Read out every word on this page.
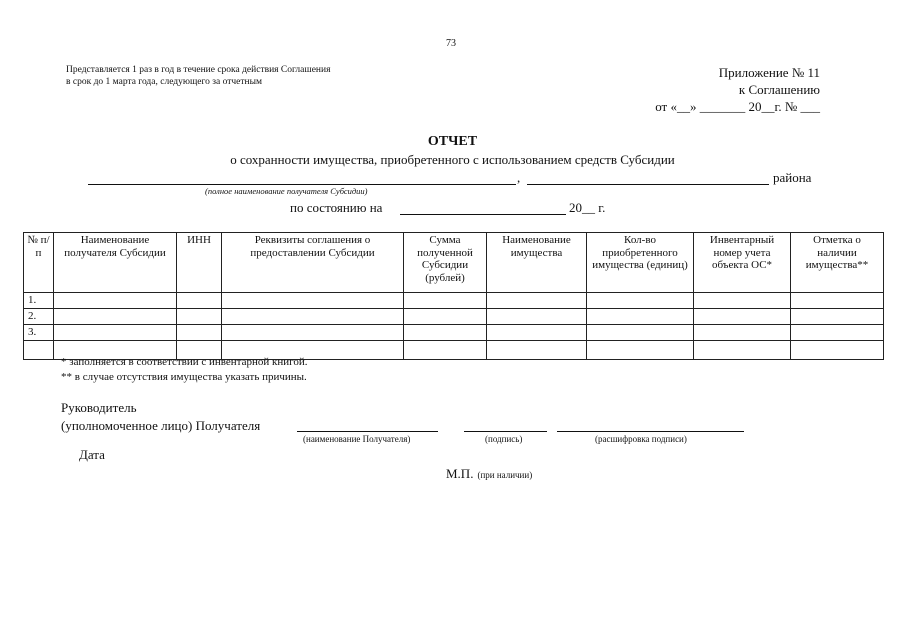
73
Представляется 1 раз в год в течение срока действия Соглашения
в срок до 1 марта года, следующего за отчетным
Приложение № 11
к Соглашению
от «__» _______ 20__г. № ___
ОТЧЕТ
о сохранности имущества, приобретенного с использованием средств Субсидии
,	района
(полное наименование получателя Субсидии)
по состоянию на	20__ г.
№ п/п	Наименование получателя Субсидии	ИНН	Реквизиты соглашения о предоставлении Субсидии	Сумма полученной Субсидии (рублей)	Наименование имущества	Кол-во приобретенного имущества (единиц)	Инвентарный номер учета объекта ОС*	Отметка о наличии имущества**
1.								
2.								
3.								

* заполняется в соответствии с инвентарной книгой.
** в случае отсутствия имущества указать причины.
Руководитель
(уполномоченное лицо) Получателя
(наименование Получателя)	(подпись)	(расшифровка подписи)
Дата
М.П. (при наличии)
